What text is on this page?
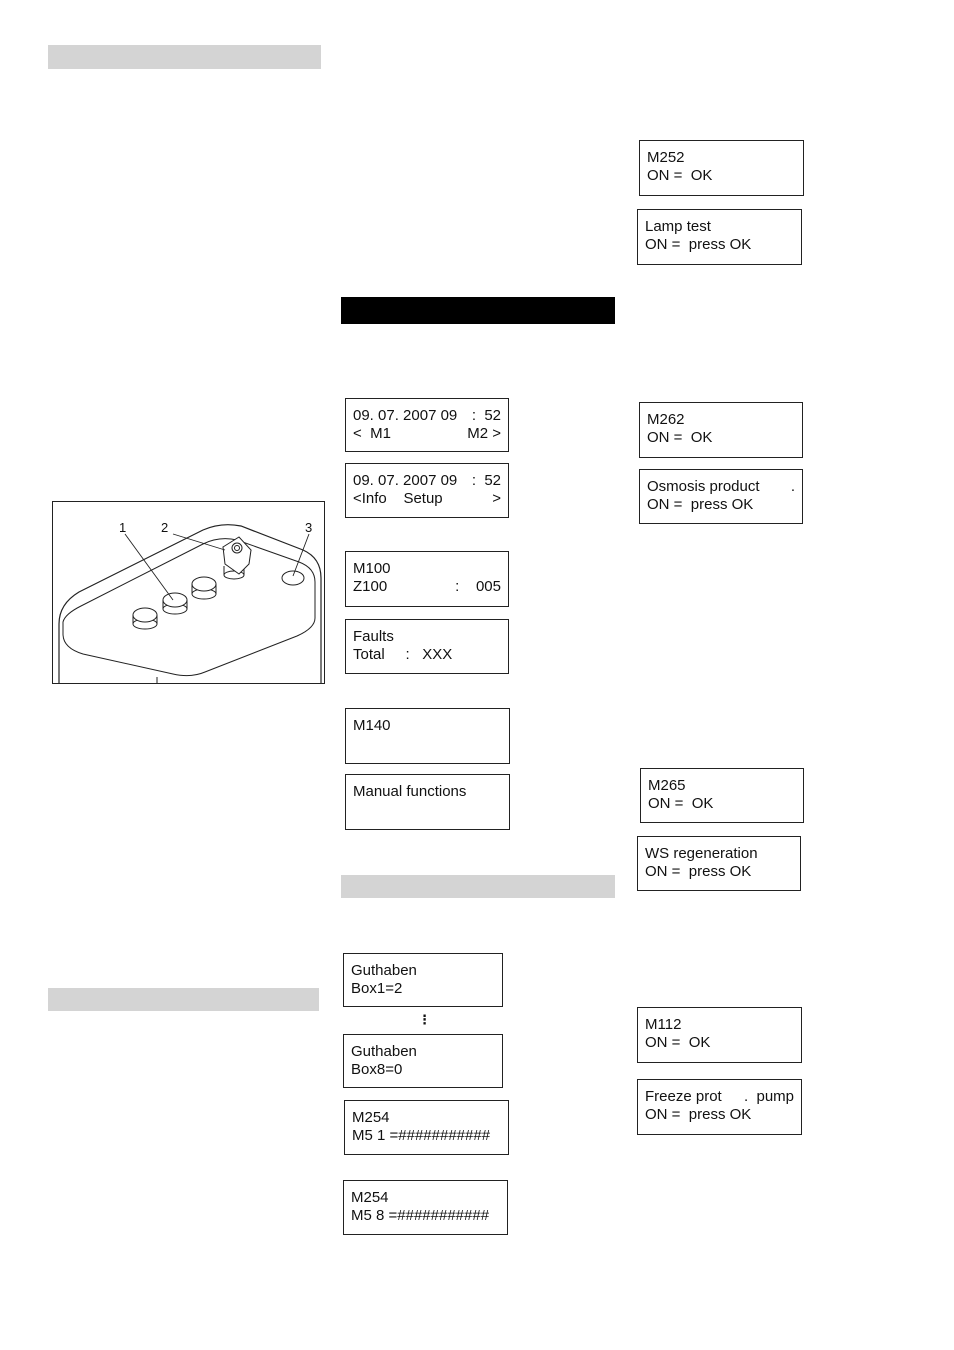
1	2	3
09. 07. 2007 09 :  52
<  M1	M2 >
09. 07. 2007 09 :  52
<Info    Setup	>
M100
Z100	:    005
Faults
Total     :   XXX
M140
Manual functions
Guthaben
Box1=2
⋮
Guthaben
Box8=0
M254
M5 1 =###########
M254
M5 8 =###########
M252
ON =  OK
Lamp test
ON =  press OK
M262
ON =  OK
Osmosis product .
ON =  press OK
M265
ON =  OK
WS regeneration
ON =  press OK
M112
ON =  OK
Freeze prot .  pump
ON =  press OK
